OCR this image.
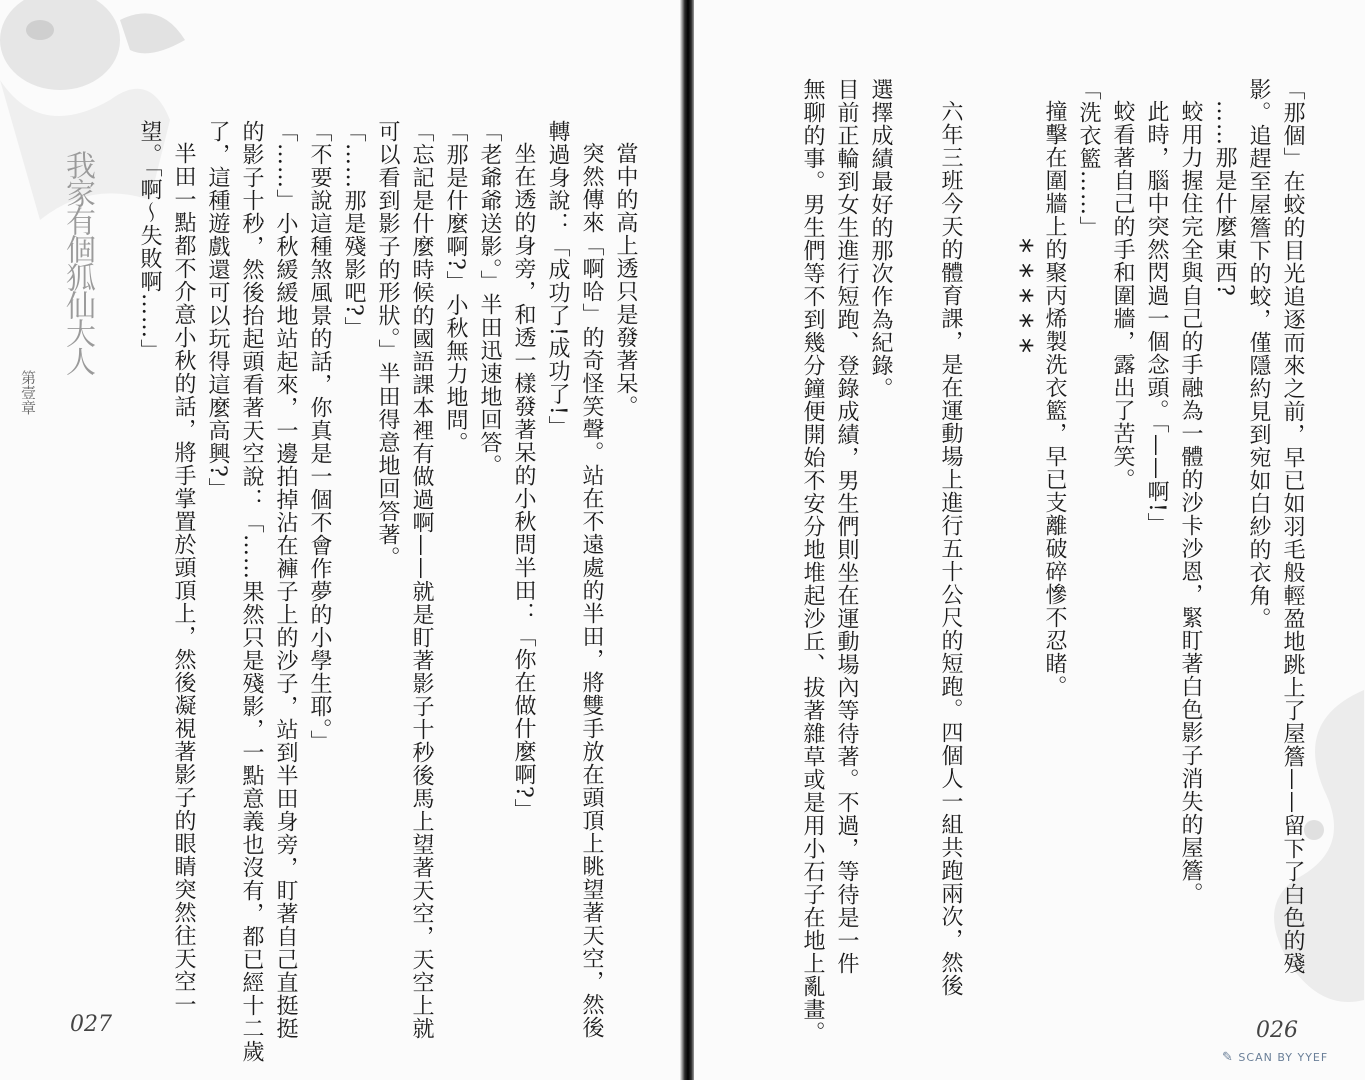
我家有個狐仙大人
第壹章	當中的高上透只是發著呆。

突然傳來「啊哈」的奇怪笑聲。站在不遠處的半田，將雙手放在頭頂上眺望著天空，然後

轉過身說：「成功了!成功了!」

坐在透的身旁，和透一樣發著呆的小秋問半田：「你在做什麼啊?」

「老爺爺送影。」半田迅速地回答。

「那是什麼啊?」小秋無力地問。

「忘記是什麼時候的國語課本裡有做過啊——就是盯著影子十秒後馬上望著天空，天空上就

可以看到影子的形狀。」半田得意地回答著。

「……那是殘影吧?」

「不要說這種煞風景的話，你真是一個不會作夢的小學生耶。」

「……」小秋緩緩地站起來，一邊拍掉沾在褲子上的沙子，站到半田身旁，盯著自己直挺挺

的影子十秒，然後抬起頭看著天空說：「……果然只是殘影，一點意義也沒有，都已經十二歲

了，這種遊戲還可以玩得這麼高興?」

半田一點都不介意小秋的話，將手掌置於頭頂上，然後凝視著影子的眼睛突然往天空一

望。「啊～失敗啊……」

027

「那個」在蛟的目光追逐而來之前，早已如羽毛般輕盈地跳上了屋簷——留下了白色的殘

影。追趕至屋簷下的蛟，僅隱約見到宛如白紗的衣角。

……那是什麼東西?

蛟用力握住完全與自己的手融為一體的沙卡沙恩，緊盯著白色影子消失的屋簷。

此時，腦中突然閃過一個念頭。「——啊!」

蛟看著自己的手和圍牆，露出了苦笑。

「洗衣籃……」

撞擊在圍牆上的聚丙烯製洗衣籃，早已支離破碎慘不忍睹。

*****

六年三班今天的體育課，是在運動場上進行五十公尺的短跑。四個人一組共跑兩次，然後

選擇成績最好的那次作為紀錄。

目前正輪到女生進行短跑、登錄成績，男生們則坐在運動場內等待著。不過，等待是一件

無聊的事。男生們等不到幾分鐘便開始不安分地堆起沙丘、拔著雜草或是用小石子在地上亂畫。	026
✎ SCAN BY YYEF
